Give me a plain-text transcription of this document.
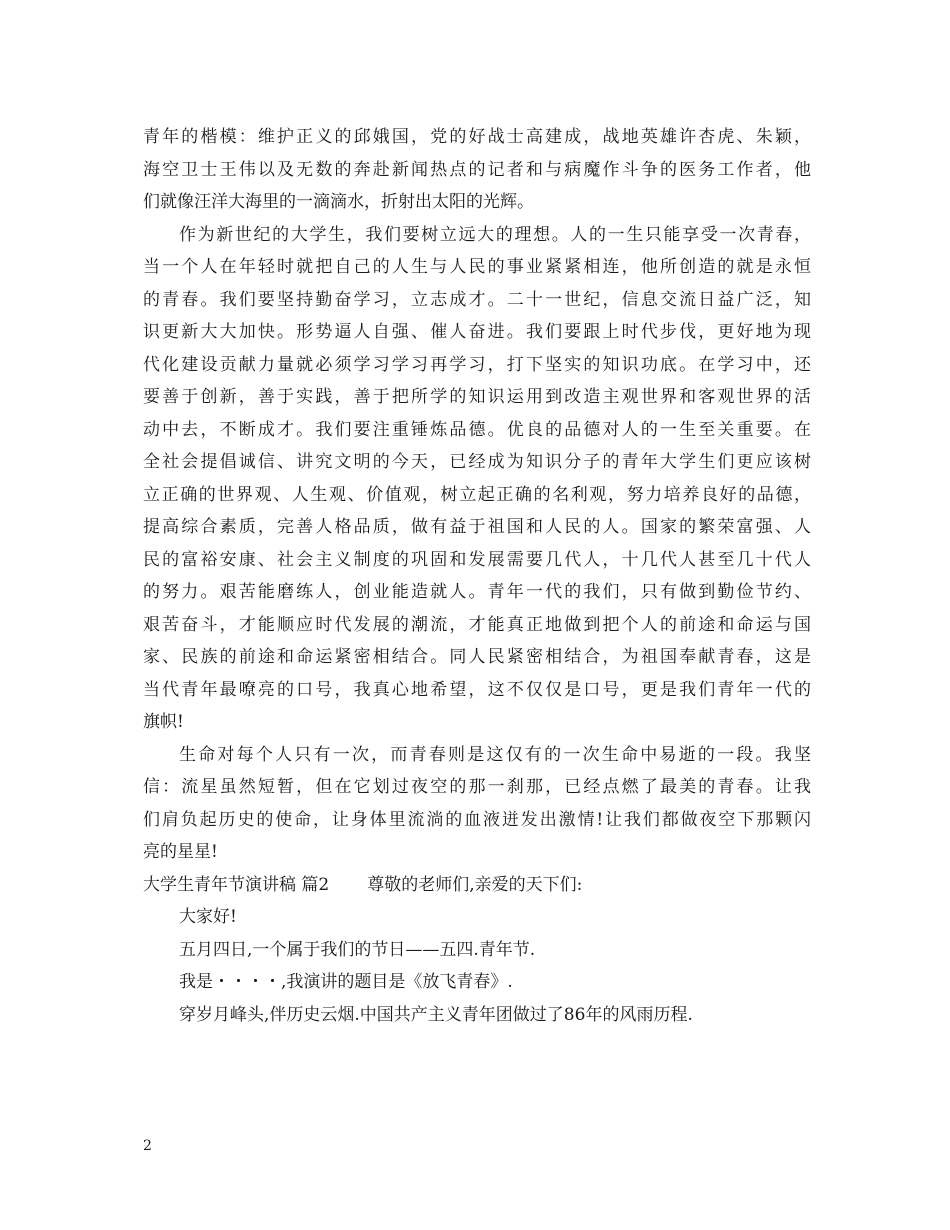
青年的楷模：维护正义的邱娥国，党的好战士高建成，战地英雄许杏虎、朱颖，
海空卫士王伟以及无数的奔赴新闻热点的记者和与病魔作斗争的医务工作者，他
们就像汪洋大海里的一滴滴水，折射出太阳的光辉。
作为新世纪的大学生，我们要树立远大的理想。人的一生只能享受一次青春，
当一个人在年轻时就把自己的人生与人民的事业紧紧相连，他所创造的就是永恒
的青春。我们要坚持勤奋学习，立志成才。二十一世纪，信息交流日益广泛，知
识更新大大加快。形势逼人自强、催人奋进。我们要跟上时代步伐，更好地为现
代化建设贡献力量就必须学习学习再学习，打下坚实的知识功底。在学习中，还
要善于创新，善于实践，善于把所学的知识运用到改造主观世界和客观世界的活
动中去，不断成才。我们要注重锤炼品德。优良的品德对人的一生至关重要。在
全社会提倡诚信、讲究文明的今天，已经成为知识分子的青年大学生们更应该树
立正确的世界观、人生观、价值观，树立起正确的名利观，努力培养良好的品德，
提高综合素质，完善人格品质，做有益于祖国和人民的人。国家的繁荣富强、人
民的富裕安康、社会主义制度的巩固和发展需要几代人，十几代人甚至几十代人
的努力。艰苦能磨练人，创业能造就人。青年一代的我们，只有做到勤俭节约、
艰苦奋斗，才能顺应时代发展的潮流，才能真正地做到把个人的前途和命运与国
家、民族的前途和命运紧密相结合。同人民紧密相结合，为祖国奉献青春，这是
当代青年最嘹亮的口号，我真心地希望，这不仅仅是口号，更是我们青年一代的
旗帜!
生命对每个人只有一次，而青春则是这仅有的一次生命中易逝的一段。我坚
信：流星虽然短暂，但在它划过夜空的那一刹那，已经点燃了最美的青春。让我
们肩负起历史的使命，让身体里流淌的血液迸发出激情!让我们都做夜空下那颗闪
亮的星星!
大学生青年节演讲稿 篇2 尊敬的老师们,亲爱的天下们:
大家好!
五月四日,一个属于我们的节日——五四.青年节.
我是・・・・,我演讲的题目是《放飞青春》.
穿岁月峰头,伴历史云烟.中国共产主义青年团做过了86年的风雨历程.
2
